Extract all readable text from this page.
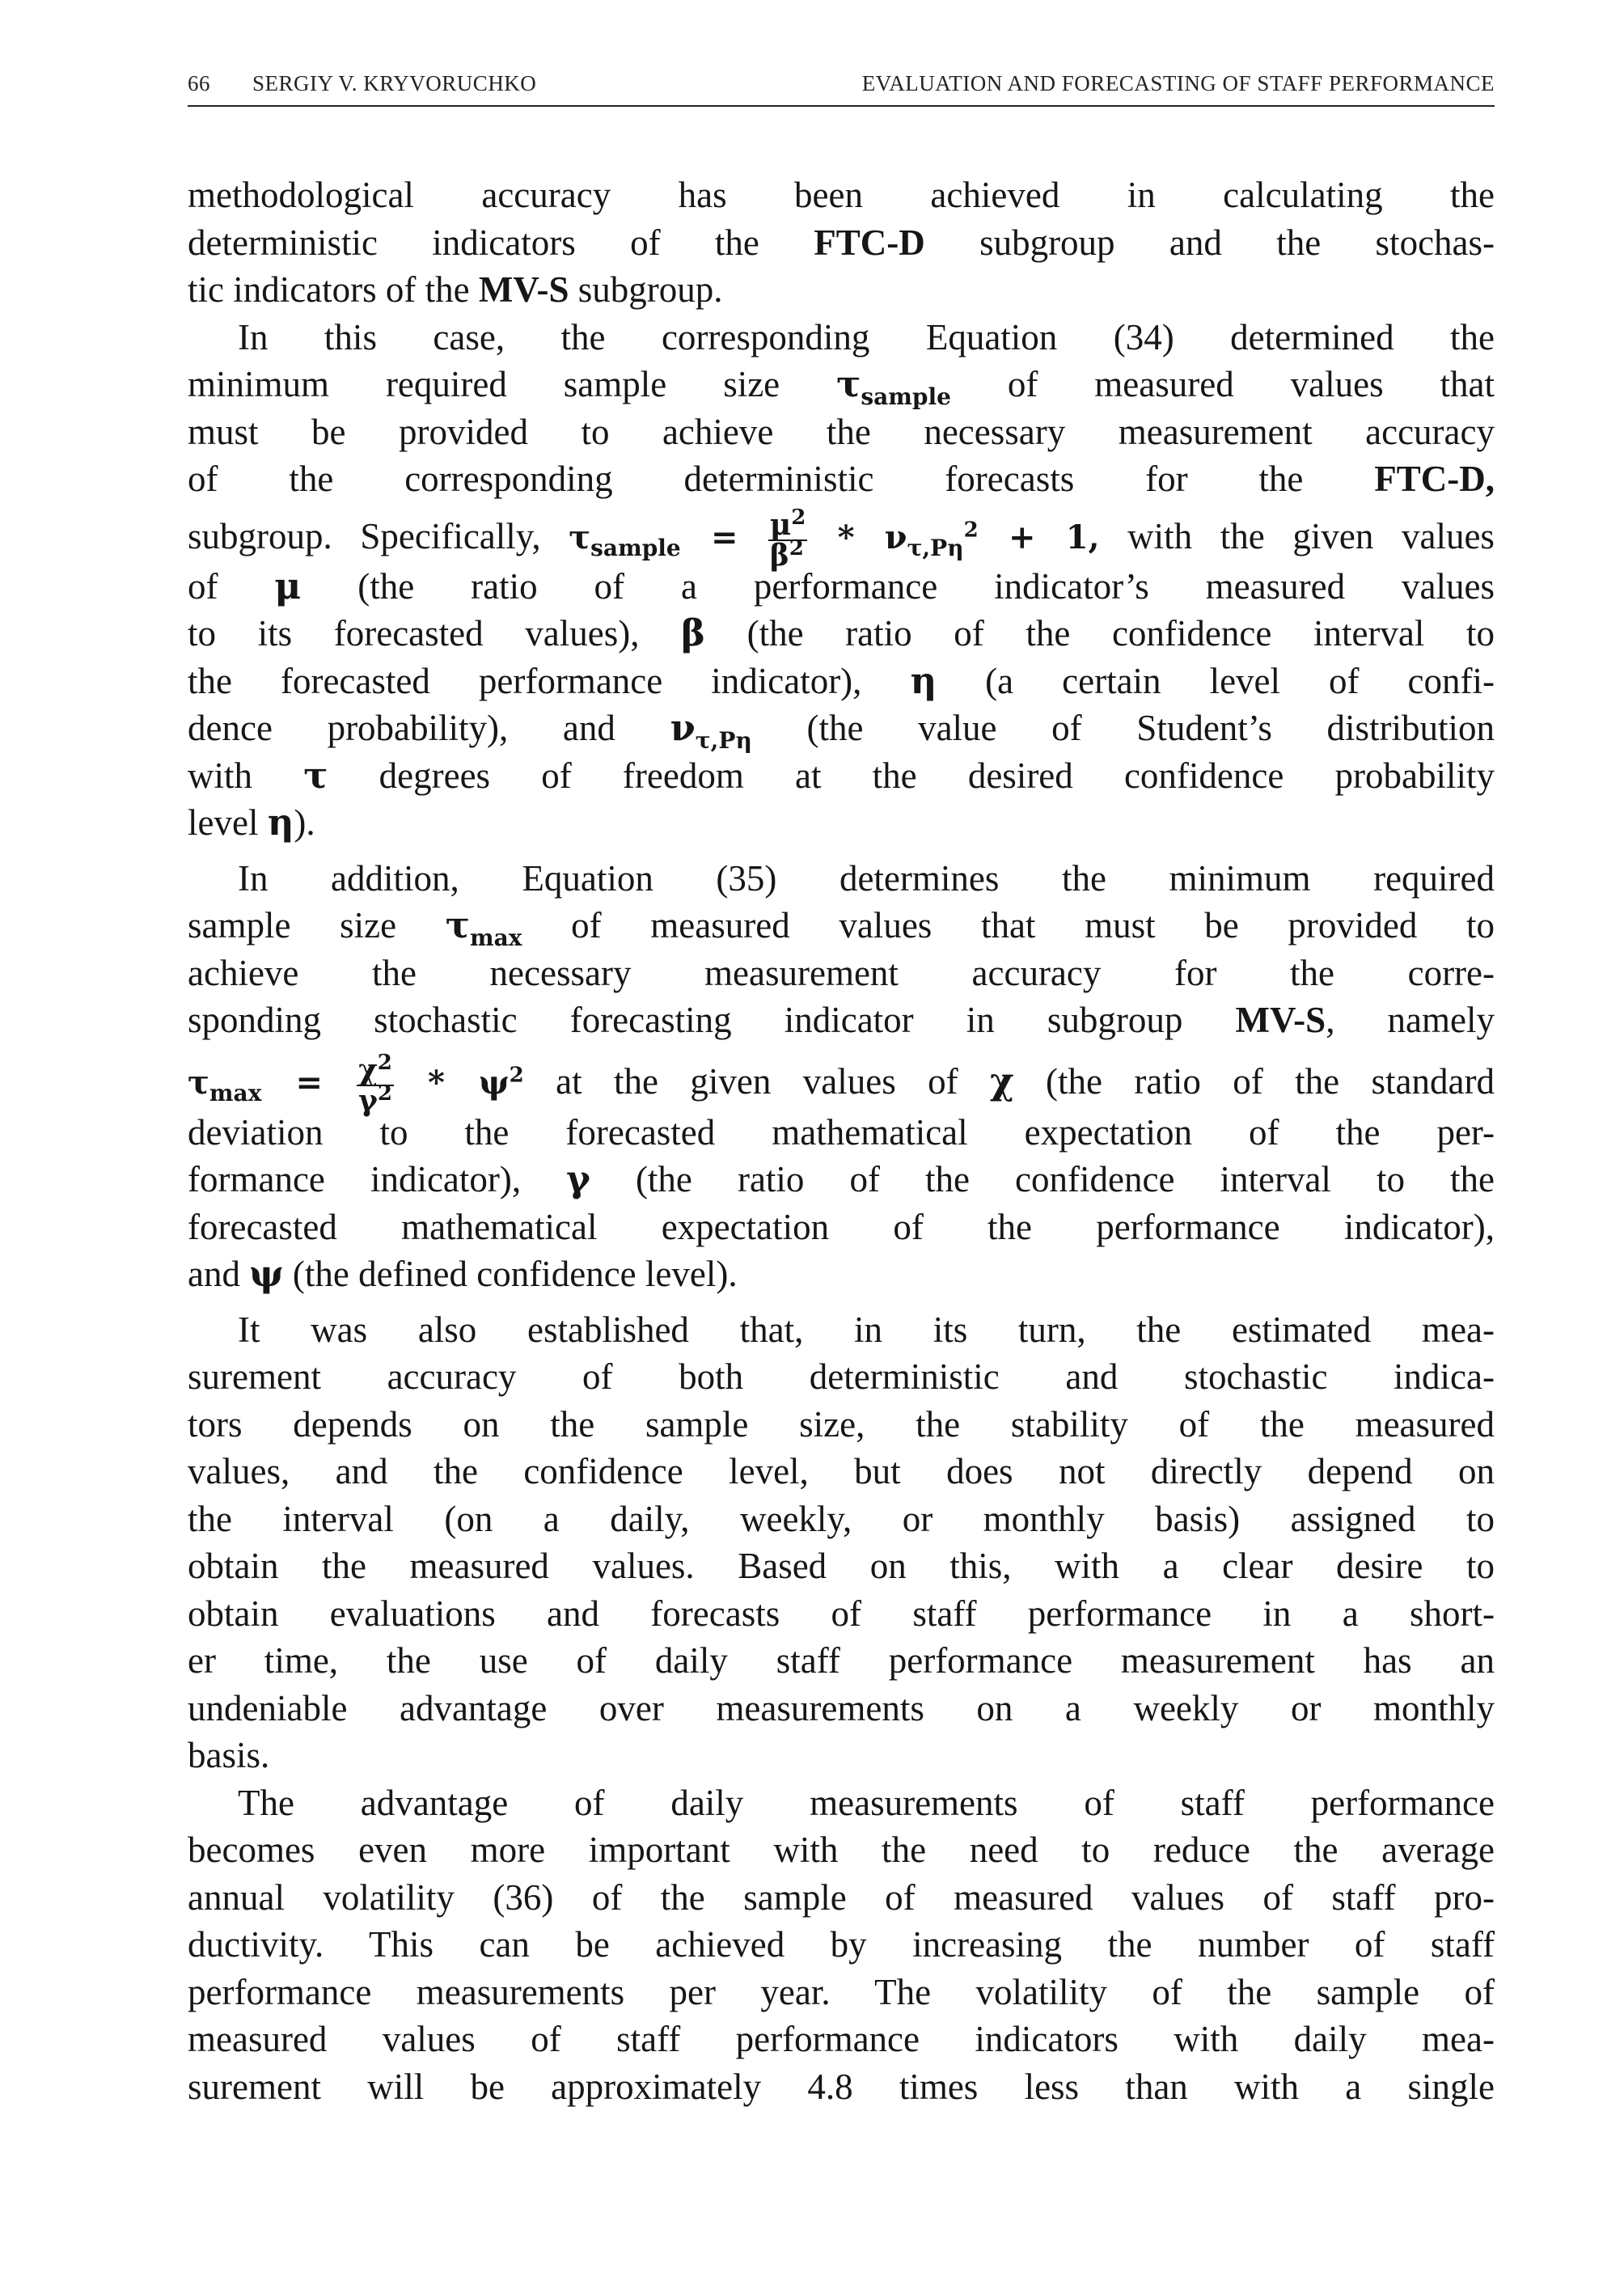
66 SERGIY V. KRYVORUCHKO	EVALUATION AND FORECASTING OF STAFF PERFORMANCE
methodological accuracy has been achieved in calculating the
deterministic indicators of the FTC-D subgroup and the stochas-
tic indicators of the MV-S subgroup.
In this case, the corresponding Equation (34) determined the
minimum required sample size $\tau_{sample}$ of measured values that
must be provided to achieve the necessary measurement accuracy
of the corresponding deterministic forecasts for the FTC-D,
subgroup. Specifically, $\tau_{sample} = \frac{\mu^2}{\beta^2} * \nu_{\tau,P\eta}^2 + 1$, with the given values
of μ (the ratio of a performance indicator’s measured values
to its forecasted values), β (the ratio of the confidence interval to
the forecasted performance indicator), η (a certain level of confi-
dence probability), and $\nu_{\tau,P\eta}$ (the value of Student’s distribution
with τ degrees of freedom at the desired confidence probability
level η).
In addition, Equation (35) determines the minimum required
sample size $\tau_{max}$ of measured values that must be provided to
achieve the necessary measurement accuracy for the corre-
sponding stochastic forecasting indicator in subgroup MV-S, namely
$\tau_{max} = \frac{\chi^2}{\gamma^2} * \psi^2$ at the given values of χ (the ratio of the standard
deviation to the forecasted mathematical expectation of the per-
formance indicator), γ (the ratio of the confidence interval to the
forecasted mathematical expectation of the performance indicator),
and ψ (the defined confidence level).
It was also established that, in its turn, the estimated mea-
surement accuracy of both deterministic and stochastic indica-
tors depends on the sample size, the stability of the measured
values, and the confidence level, but does not directly depend on
the interval (on a daily, weekly, or monthly basis) assigned to
obtain the measured values. Based on this, with a clear desire to
obtain evaluations and forecasts of staff performance in a short-
er time, the use of daily staff performance measurement has an
undeniable advantage over measurements on a weekly or monthly
basis.
The advantage of daily measurements of staff performance
becomes even more important with the need to reduce the average
annual volatility (36) of the sample of measured values of staff pro-
ductivity. This can be achieved by increasing the number of staff
performance measurements per year. The volatility of the sample of
measured values of staff performance indicators with daily mea-
surement will be approximately 4.8 times less than with a single
